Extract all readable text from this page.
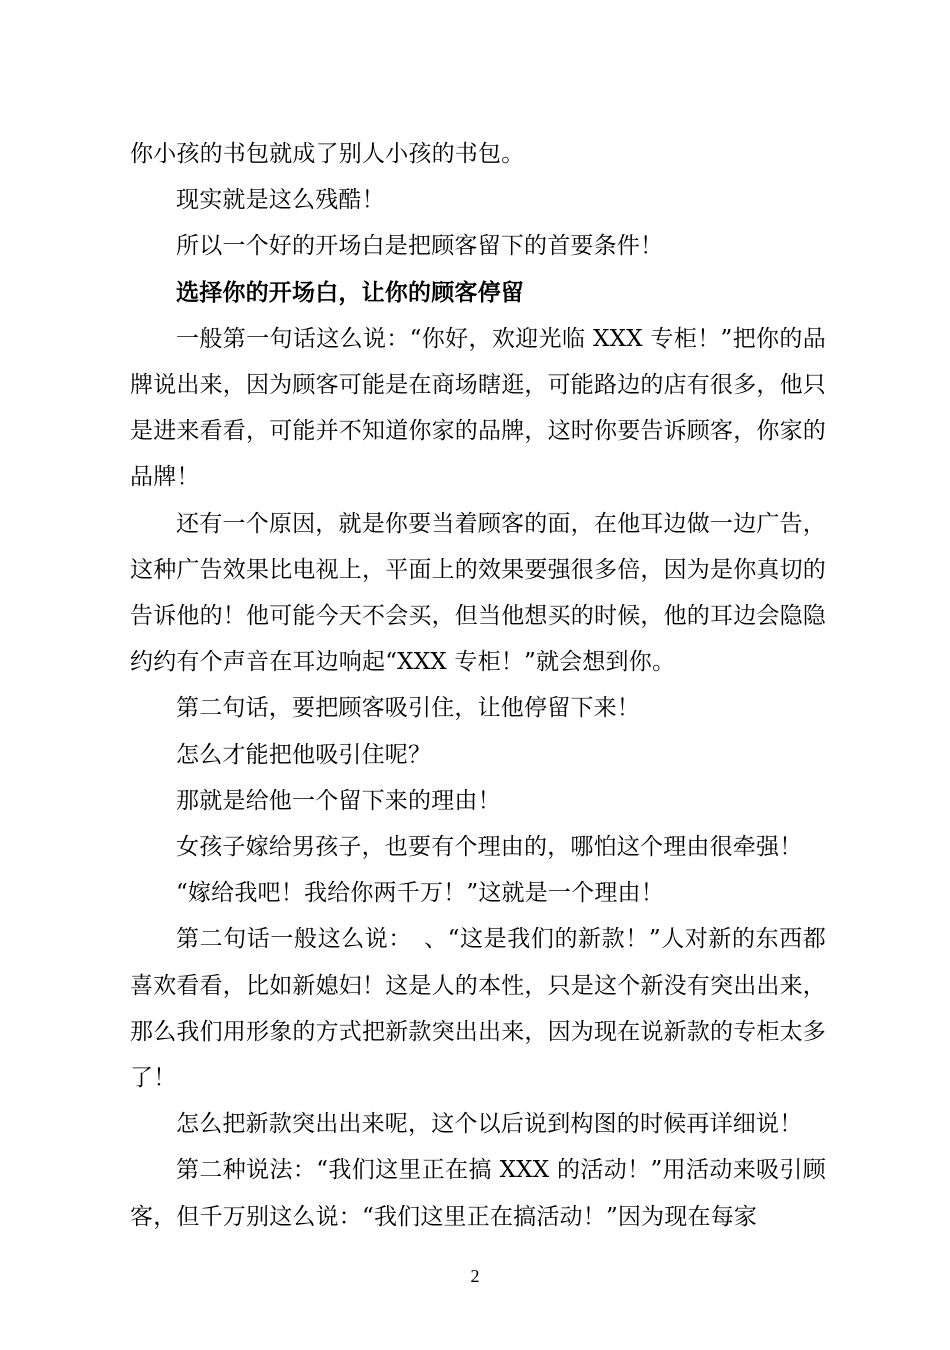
你小孩的书包就成了别人小孩的书包。

现实就是这么残酷！

所以一个好的开场白是把顾客留下的首要条件！

选择你的开场白，让你的顾客停留

一般第一句话这么说：“你好，欢迎光临 XXX 专柜！”把你的品牌说出来，因为顾客可能是在商场瞎逛，可能路边的店有很多，他只是进来看看，可能并不知道你家的品牌，这时你要告诉顾客，你家的品牌！

还有一个原因，就是你要当着顾客的面，在他耳边做一边广告，这种广告效果比电视上，平面上的效果要强很多倍，因为是你真切的告诉他的！他可能今天不会买，但当他想买的时候，他的耳边会隐隐约约有个声音在耳边响起“XXX 专柜！”就会想到你。

第二句话，要把顾客吸引住，让他停留下来！

怎么才能把他吸引住呢？

那就是给他一个留下来的理由！

女孩子嫁给男孩子，也要有个理由的，哪怕这个理由很牵强！

“嫁给我吧！我给你两千万！”这就是一个理由！

第二句话一般这么说：　、“这是我们的新款！”人对新的东西都喜欢看看，比如新媳妇！这是人的本性，只是这个新没有突出出来，那么我们用形象的方式把新款突出出来，因为现在说新款的专柜太多了！

怎么把新款突出出来呢，这个以后说到构图的时候再详细说！

第二种说法：“我们这里正在搞 XXX 的活动！”用活动来吸引顾客，但千万别这么说：“我们这里正在搞活动！”因为现在每家

2
